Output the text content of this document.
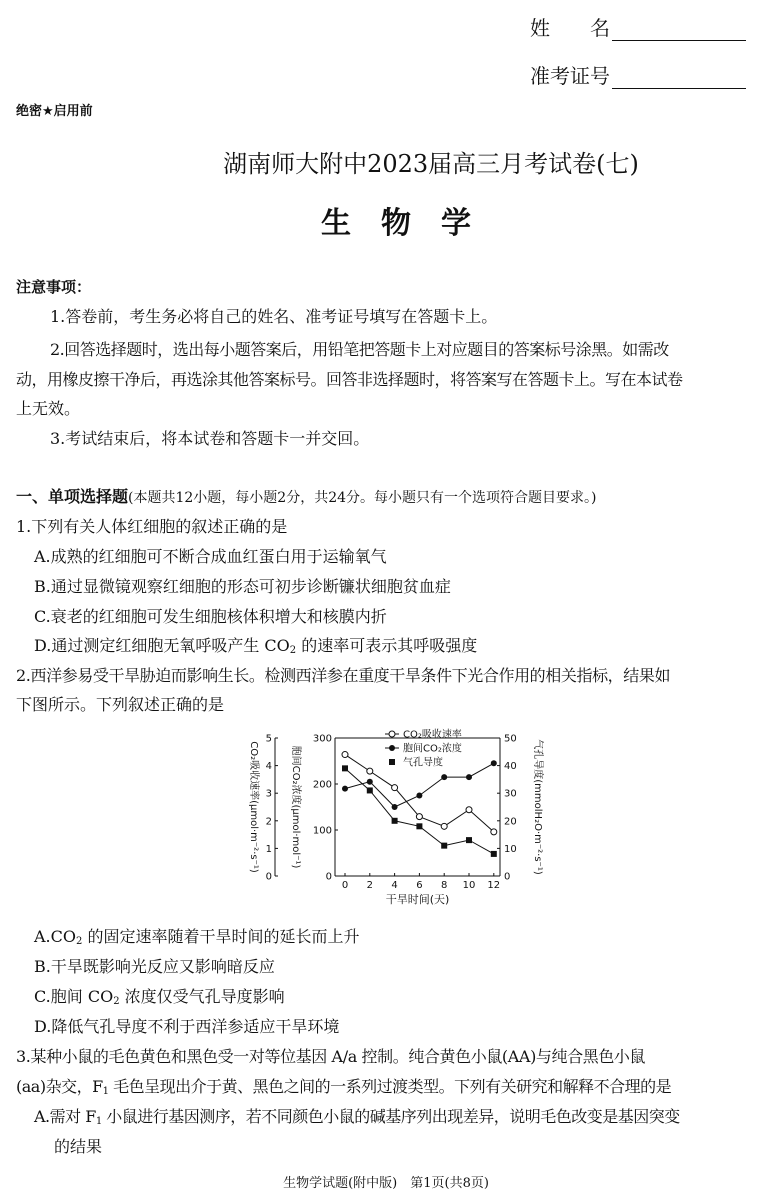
姓　　名
准考证号
绝密★启用前
湖南师大附中2023届高三月考试卷(七)
生　物　学
注意事项：
1.答卷前，考生务必将自己的姓名、准考证号填写在答题卡上。
2.回答选择题时，选出每小题答案后，用铅笔把答题卡上对应题目的答案标号涂黑。如需改
动，用橡皮擦干净后，再选涂其他答案标号。回答非选择题时，将答案写在答题卡上。写在本试卷
上无效。
3.考试结束后，将本试卷和答题卡一并交回。
一、单项选择题(本题共12小题，每小题2分，共24分。每小题只有一个选项符合题目要求。)
1.下列有关人体红细胞的叙述正确的是
A.成熟的红细胞可不断合成血红蛋白用于运输氧气
B.通过显微镜观察红细胞的形态可初步诊断镰状细胞贫血症
C.衰老的红细胞可发生细胞核体积增大和核膜内折
D.通过测定红细胞无氧呼吸产生 $CO_2$ 的速率可表示其呼吸强度
2.西洋参易受干旱胁迫而影响生长。检测西洋参在重度干旱条件下光合作用的相关指标，结果如
下图所示。下列叙述正确的是
0 2 4 6 8 10 12
干旱时间(天)
0
100
200
300
0
1
2
3
4
5
0
10
20
30
40
50
CO₂吸收速率(μmol·m⁻²·s⁻¹)	胞间CO₂浓度(μmol·mol⁻¹)	气孔导度(mmolH₂O·m⁻²·s⁻¹)
CO₂吸收速率
胞间CO₂浓度
气孔导度
$A.CO_2$ 的固定速率随着干旱时间的延长而上升
B.干旱既影响光反应又影响暗反应
C.胞间 $CO_2$ 浓度仅受气孔导度影响
D.降低气孔导度不利于西洋参适应干旱环境
3.某种小鼠的毛色黄色和黑色受一对等位基因 A/a 控制。纯合黄色小鼠(AA)与纯合黑色小鼠
(aa)杂交，$F_1$ 毛色呈现出介于黄、黑色之间的一系列过渡类型。下列有关研究和解释不合理的是
A.需对 $F_1$ 小鼠进行基因测序，若不同颜色小鼠的碱基序列出现差异，说明毛色改变是基因突变
的结果
生物学试题(附中版)　第1页(共8页)
